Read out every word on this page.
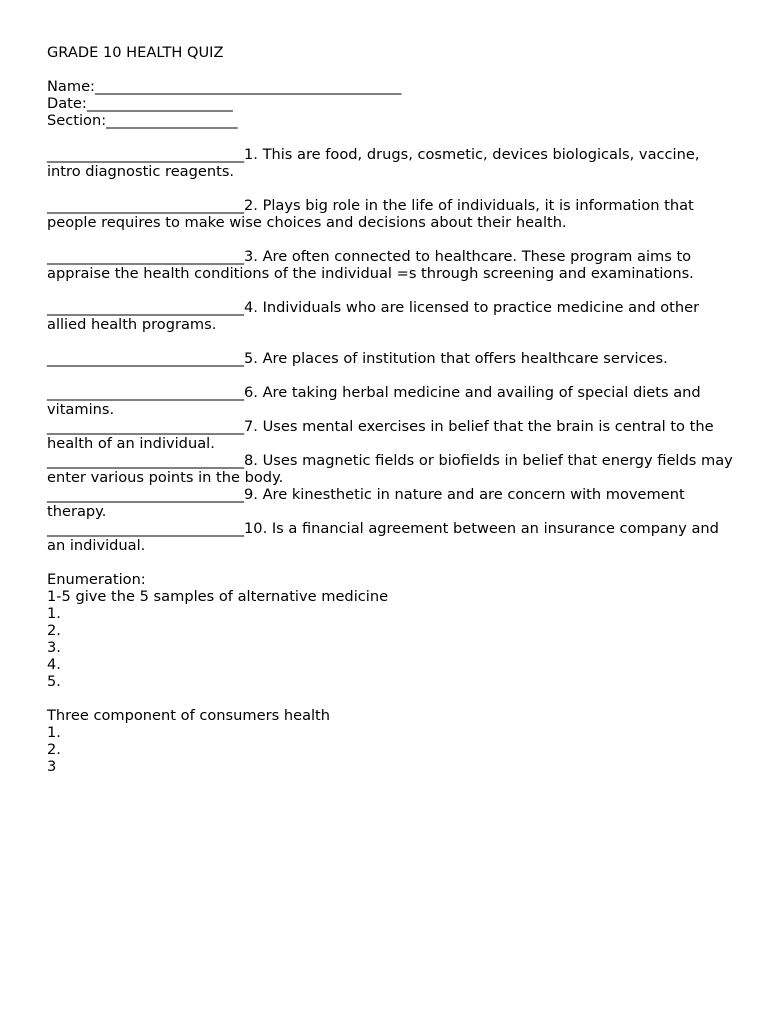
GRADE 10 HEALTH QUIZ

Name:__________________________________________

Date:____________________

Section:__________________

___________________________1. This are food, drugs, cosmetic, devices biologicals, vaccine, intro diagnostic reagents.

___________________________2. Plays big role in the life of individuals, it is information that people requires to make wise choices and decisions about their health.

___________________________3. Are often connected to healthcare. These program aims to appraise the health conditions of the individual =s through screening and examinations.

___________________________4. Individuals who are licensed to practice medicine and other allied health programs.

___________________________5. Are places of institution that offers healthcare services.

___________________________6. Are taking herbal medicine and availing of special diets and vitamins.

___________________________7. Uses mental exercises in belief that the brain is central to the health of an individual.

___________________________8. Uses magnetic fields or biofields in belief that energy fields may enter various points in the body.

___________________________9. Are kinesthetic in nature and are concern with movement therapy.

___________________________10. Is a financial agreement between an insurance company and an individual.

Enumeration:

1-5 give the 5 samples of alternative medicine

1.

2.

3.

4.

5.

Three component of consumers health

1.

2.

3
